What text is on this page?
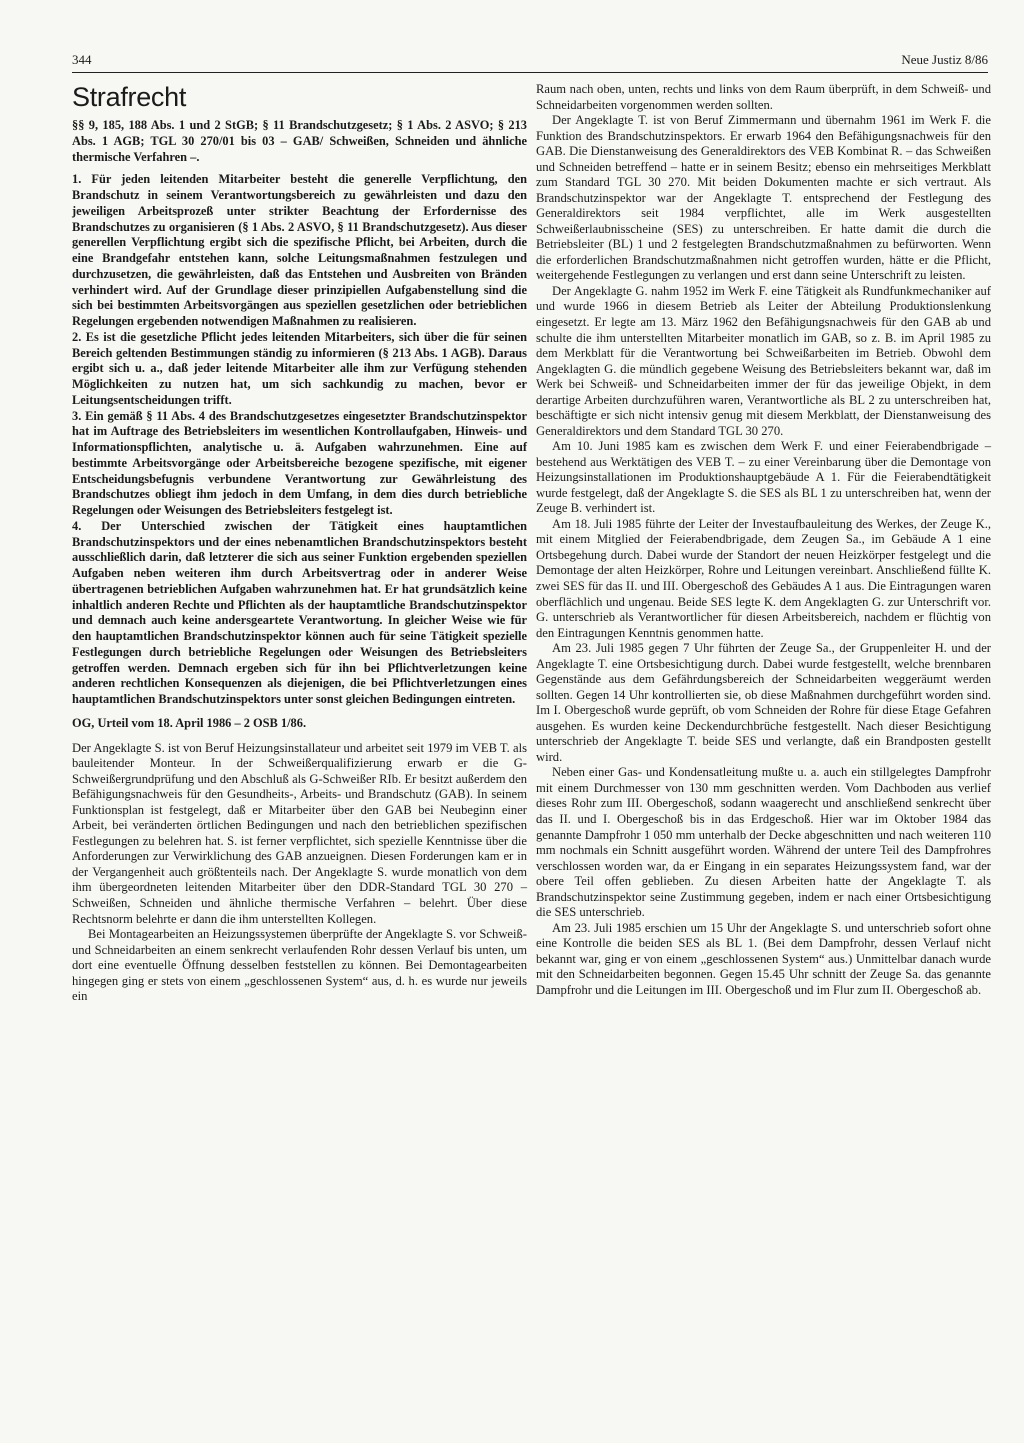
344	Neue Justiz 8/86
Strafrecht

§§ 9, 185, 188 Abs. 1 und 2 StGB; § 11 Brandschutzgesetz; § 1 Abs. 2 ASVO; § 213 Abs. 1 AGB; TGL 30 270/01 bis 03 – GAB/ Schweißen, Schneiden und ähnliche thermische Verfahren –.

1. Für jeden leitenden Mitarbeiter besteht die generelle Verpflichtung, den Brandschutz in seinem Verantwortungsbereich zu gewährleisten und dazu den jeweiligen Arbeitsprozeß unter strikter Beachtung der Erfordernisse des Brandschutzes zu organisieren (§ 1 Abs. 2 ASVO, § 11 Brandschutzgesetz). Aus dieser generellen Verpflichtung ergibt sich die spezifische Pflicht, bei Arbeiten, durch die eine Brandgefahr entstehen kann, solche Leitungsmaßnahmen festzulegen und durchzusetzen, die gewährleisten, daß das Entstehen und Ausbreiten von Bränden verhindert wird. Auf der Grundlage dieser prinzipiellen Aufgabenstellung sind die sich bei bestimmten Arbeitsvorgängen aus speziellen gesetzlichen oder betrieblichen Regelungen ergebenden notwendigen Maßnahmen zu realisieren.

2. Es ist die gesetzliche Pflicht jedes leitenden Mitarbeiters, sich über die für seinen Bereich geltenden Bestimmungen ständig zu informieren (§ 213 Abs. 1 AGB). Daraus ergibt sich u. a., daß jeder leitende Mitarbeiter alle ihm zur Verfügung stehenden Möglichkeiten zu nutzen hat, um sich sachkundig zu machen, bevor er Leitungsentscheidungen trifft.

3. Ein gemäß § 11 Abs. 4 des Brandschutzgesetzes eingesetzter Brandschutzinspektor hat im Auftrage des Betriebsleiters im wesentlichen Kontrollaufgaben, Hinweis- und Informationspflichten, analytische u. ä. Aufgaben wahrzunehmen. Eine auf bestimmte Arbeitsvorgänge oder Arbeitsbereiche bezogene spezifische, mit eigener Entscheidungsbefugnis verbundene Verantwortung zur Gewährleistung des Brandschutzes obliegt ihm jedoch in dem Umfang, in dem dies durch betriebliche Regelungen oder Weisungen des Betriebsleiters festgelegt ist.

4. Der Unterschied zwischen der Tätigkeit eines hauptamtlichen Brandschutzinspektors und der eines nebenamtlichen Brandschutzinspektors besteht ausschließlich darin, daß letzterer die sich aus seiner Funktion ergebenden speziellen Aufgaben neben weiteren ihm durch Arbeitsvertrag oder in anderer Weise übertragenen betrieblichen Aufgaben wahrzunehmen hat. Er hat grundsätzlich keine inhaltlich anderen Rechte und Pflichten als der hauptamtliche Brandschutzinspektor und demnach auch keine andersgeartete Verantwortung. In gleicher Weise wie für den hauptamtlichen Brandschutzinspektor können auch für seine Tätigkeit spezielle Festlegungen durch betriebliche Regelungen oder Weisungen des Betriebsleiters getroffen werden. Demnach ergeben sich für ihn bei Pflichtverletzungen keine anderen rechtlichen Konsequenzen als diejenigen, die bei Pflichtverletzungen eines hauptamtlichen Brandschutzinspektors unter sonst gleichen Bedingungen eintreten.

OG, Urteil vom 18. April 1986 – 2 OSB 1/86.

Der Angeklagte S. ist von Beruf Heizungsinstallateur und arbeitet seit 1979 im VEB T. als bauleitender Monteur. In der Schweißerqualifizierung erwarb er die G-Schweißergrundprüfung und den Abschluß als G-Schweißer RIb. Er besitzt außerdem den Befähigungsnachweis für den Gesundheits-, Arbeits- und Brandschutz (GAB). In seinem Funktionsplan ist festgelegt, daß er Mitarbeiter über den GAB bei Neubeginn einer Arbeit, bei veränderten örtlichen Bedingungen und nach den betrieblichen spezifischen Festlegungen zu belehren hat. S. ist ferner verpflichtet, sich spezielle Kenntnisse über die Anforderungen zur Verwirklichung des GAB anzueignen. Diesen Forderungen kam er in der Vergangenheit auch größtenteils nach. Der Angeklagte S. wurde monatlich von dem ihm übergeordneten leitenden Mitarbeiter über den DDR-Standard TGL 30 270 – Schweißen, Schneiden und ähnliche thermische Verfahren – belehrt. Über diese Rechtsnorm belehrte er dann die ihm unterstellten Kollegen.

Bei Montagearbeiten an Heizungssystemen überprüfte der Angeklagte S. vor Schweiß- und Schneidarbeiten an einem senkrecht verlaufenden Rohr dessen Verlauf bis unten, um dort eine eventuelle Öffnung desselben feststellen zu können. Bei Demontagearbeiten hingegen ging er stets von einem „geschlossenen System“ aus, d. h. es wurde nur jeweils ein

Raum nach oben, unten, rechts und links von dem Raum überprüft, in dem Schweiß- und Schneidarbeiten vorgenommen werden sollten.

Der Angeklagte T. ist von Beruf Zimmermann und übernahm 1961 im Werk F. die Funktion des Brandschutzinspektors. Er erwarb 1964 den Befähigungsnachweis für den GAB. Die Dienstanweisung des Generaldirektors des VEB Kombinat R. – das Schweißen und Schneiden betreffend – hatte er in seinem Besitz; ebenso ein mehrseitiges Merkblatt zum Standard TGL 30 270. Mit beiden Dokumenten machte er sich vertraut. Als Brandschutzinspektor war der Angeklagte T. entsprechend der Festlegung des Generaldirektors seit 1984 verpflichtet, alle im Werk ausgestellten Schweißerlaubnisscheine (SES) zu unterschreiben. Er hatte damit die durch die Betriebsleiter (BL) 1 und 2 festgelegten Brandschutzmaßnahmen zu befürworten. Wenn die erforderlichen Brandschutzmaßnahmen nicht getroffen wurden, hätte er die Pflicht, weitergehende Festlegungen zu verlangen und erst dann seine Unterschrift zu leisten.

Der Angeklagte G. nahm 1952 im Werk F. eine Tätigkeit als Rundfunkmechaniker auf und wurde 1966 in diesem Betrieb als Leiter der Abteilung Produktionslenkung eingesetzt. Er legte am 13. März 1962 den Befähigungsnachweis für den GAB ab und schulte die ihm unterstellten Mitarbeiter monatlich im GAB, so z. B. im April 1985 zu dem Merkblatt für die Verantwortung bei Schweißarbeiten im Betrieb. Obwohl dem Angeklagten G. die mündlich gegebene Weisung des Betriebsleiters bekannt war, daß im Werk bei Schweiß- und Schneidarbeiten immer der für das jeweilige Objekt, in dem derartige Arbeiten durchzuführen waren, Verantwortliche als BL 2 zu unterschreiben hat, beschäftigte er sich nicht intensiv genug mit diesem Merkblatt, der Dienstanweisung des Generaldirektors und dem Standard TGL 30 270.

Am 10. Juni 1985 kam es zwischen dem Werk F. und einer Feierabendbrigade – bestehend aus Werktätigen des VEB T. – zu einer Vereinbarung über die Demontage von Heizungsinstallationen im Produktionshauptgebäude A 1. Für die Feierabendtätigkeit wurde festgelegt, daß der Angeklagte S. die SES als BL 1 zu unterschreiben hat, wenn der Zeuge B. verhindert ist.

Am 18. Juli 1985 führte der Leiter der Investaufbauleitung des Werkes, der Zeuge K., mit einem Mitglied der Feierabendbrigade, dem Zeugen Sa., im Gebäude A 1 eine Ortsbegehung durch. Dabei wurde der Standort der neuen Heizkörper festgelegt und die Demontage der alten Heizkörper, Rohre und Leitungen vereinbart. Anschließend füllte K. zwei SES für das II. und III. Obergeschoß des Gebäudes A 1 aus. Die Eintragungen waren oberflächlich und ungenau. Beide SES legte K. dem Angeklagten G. zur Unterschrift vor. G. unterschrieb als Verantwortlicher für diesen Arbeitsbereich, nachdem er flüchtig von den Eintragungen Kenntnis genommen hatte.

Am 23. Juli 1985 gegen 7 Uhr führten der Zeuge Sa., der Gruppenleiter H. und der Angeklagte T. eine Ortsbesichtigung durch. Dabei wurde festgestellt, welche brennbaren Gegenstände aus dem Gefährdungsbereich der Schneidarbeiten weggeräumt werden sollten. Gegen 14 Uhr kontrollierten sie, ob diese Maßnahmen durchgeführt worden sind. Im I. Obergeschoß wurde geprüft, ob vom Schneiden der Rohre für diese Etage Gefahren ausgehen. Es wurden keine Deckendurchbrüche festgestellt. Nach dieser Besichtigung unterschrieb der Angeklagte T. beide SES und verlangte, daß ein Brandposten gestellt wird.

Neben einer Gas- und Kondensatleitung mußte u. a. auch ein stillgelegtes Dampfrohr mit einem Durchmesser von 130 mm geschnitten werden. Vom Dachboden aus verlief dieses Rohr zum III. Obergeschoß, sodann waagerecht und anschließend senkrecht über das II. und I. Obergeschoß bis in das Erdgeschoß. Hier war im Oktober 1984 das genannte Dampfrohr 1 050 mm unterhalb der Decke abgeschnitten und nach weiteren 110 mm nochmals ein Schnitt ausgeführt worden. Während der untere Teil des Dampfrohres verschlossen worden war, da er Eingang in ein separates Heizungssystem fand, war der obere Teil offen geblieben. Zu diesen Arbeiten hatte der Angeklagte T. als Brandschutzinspektor seine Zustimmung gegeben, indem er nach einer Ortsbesichtigung die SES unterschrieb.

Am 23. Juli 1985 erschien um 15 Uhr der Angeklagte S. und unterschrieb sofort ohne eine Kontrolle die beiden SES als BL 1. (Bei dem Dampfrohr, dessen Verlauf nicht bekannt war, ging er von einem „geschlossenen System“ aus.) Unmittelbar danach wurde mit den Schneidarbeiten begonnen. Gegen 15.45 Uhr schnitt der Zeuge Sa. das genannte Dampfrohr und die Leitungen im III. Obergeschoß und im Flur zum II. Obergeschoß ab.
